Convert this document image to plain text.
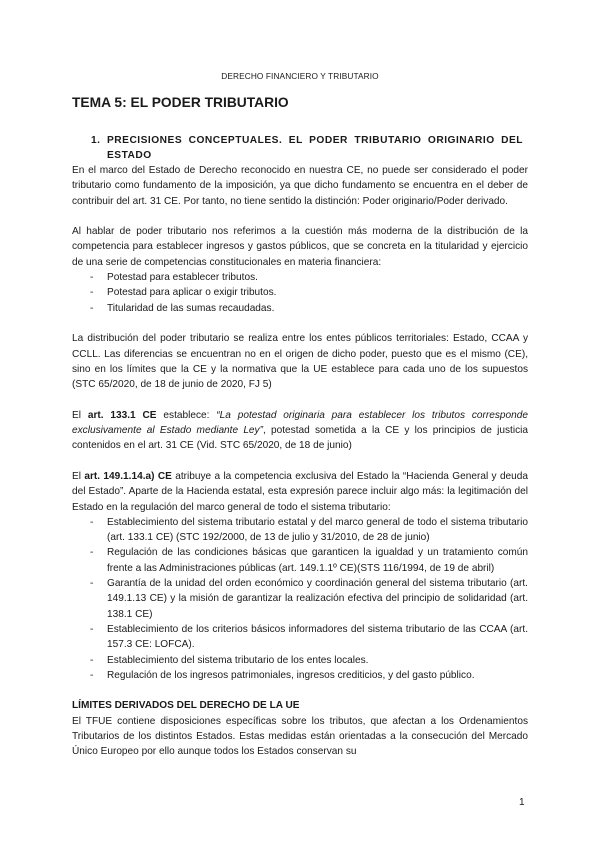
DERECHO FINANCIERO Y TRIBUTARIO
TEMA 5: EL PODER TRIBUTARIO
1. PRECISIONES CONCEPTUALES. EL PODER TRIBUTARIO ORIGINARIO DEL ESTADO

En el marco del Estado de Derecho reconocido en nuestra CE, no puede ser considerado el poder tributario como fundamento de la imposición, ya que dicho fundamento se encuentra en el deber de contribuir del art. 31 CE. Por tanto, no tiene sentido la distinción: Poder originario/Poder derivado.

Al hablar de poder tributario nos referimos a la cuestión más moderna de la distribución de la competencia para establecer ingresos y gastos públicos, que se concreta en la titularidad y ejercicio de una serie de competencias constitucionales en materia financiera:

- Potestad para establecer tributos.
- Potestad para aplicar o exigir tributos.
- Titularidad de las sumas recaudadas.

La distribución del poder tributario se realiza entre los entes públicos territoriales: Estado, CCAA y CCLL. Las diferencias se encuentran no en el origen de dicho poder, puesto que es el mismo (CE), sino en los límites que la CE y la normativa que la UE establece para cada uno de los supuestos (STC 65/2020, de 18 de junio de 2020, FJ 5)

El art. 133.1 CE establece: “La potestad originaria para establecer los tributos corresponde exclusivamente al Estado mediante Ley”, potestad sometida a la CE y los principios de justicia contenidos en el art. 31 CE (Vid. STC 65/2020, de 18 de junio)

El art. 149.1.14.a) CE atribuye a la competencia exclusiva del Estado la “Hacienda General y deuda del Estado”. Aparte de la Hacienda estatal, esta expresión parece incluir algo más: la legitimación del Estado en la regulación del marco general de todo el sistema tributario:

- Establecimiento del sistema tributario estatal y del marco general de todo el sistema tributario (art. 133.1 CE) (STC 192/2000, de 13 de julio y 31/2010, de 28 de junio)
- Regulación de las condiciones básicas que garanticen la igualdad y un tratamiento común frente a las Administraciones públicas (art. 149.1.1º CE)(STS 116/1994, de 19 de abril)
- Garantía de la unidad del orden económico y coordinación general del sistema tributario (art. 149.1.13 CE) y la misión de garantizar la realización efectiva del principio de solidaridad (art. 138.1 CE)
- Establecimiento de los criterios básicos informadores del sistema tributario de las CCAA (art. 157.3 CE: LOFCA).
- Establecimiento del sistema tributario de los entes locales.
- Regulación de los ingresos patrimoniales, ingresos crediticios, y del gasto público.
LÍMITES DERIVADOS DEL DERECHO DE LA UE

El TFUE contiene disposiciones específicas sobre los tributos, que afectan a los Ordenamientos Tributarios de los distintos Estados. Estas medidas están orientadas a la consecución del Mercado Único Europeo por ello aunque todos los Estados conservan su

1
